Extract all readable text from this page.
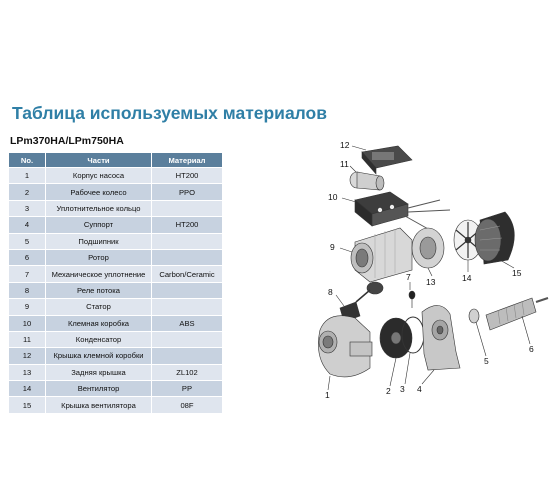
Таблица используемых материалов
LPm370HA/LPm750HA
No.	Части	Материал
1	Корпус насоса	HT200
2	Рабочее колесо	PPO
3	Уплотнительное кольцо	
4	Суппорт	HT200
5	Подшипник	
6	Ротор	
7	Механическое уплотнение	Carbon/Ceramic
8	Реле потока	
9	Статор	
10	Клемная коробка	ABS
11	Конденсатор	
12	Крышка клемной коробки	
13	Задняя крышка	ZL102
14	Вентилятор	PP
15	Крышка вентилятора	08F
12
11
10
9
8
7 13	14	15
1	2 3 4
5
6
